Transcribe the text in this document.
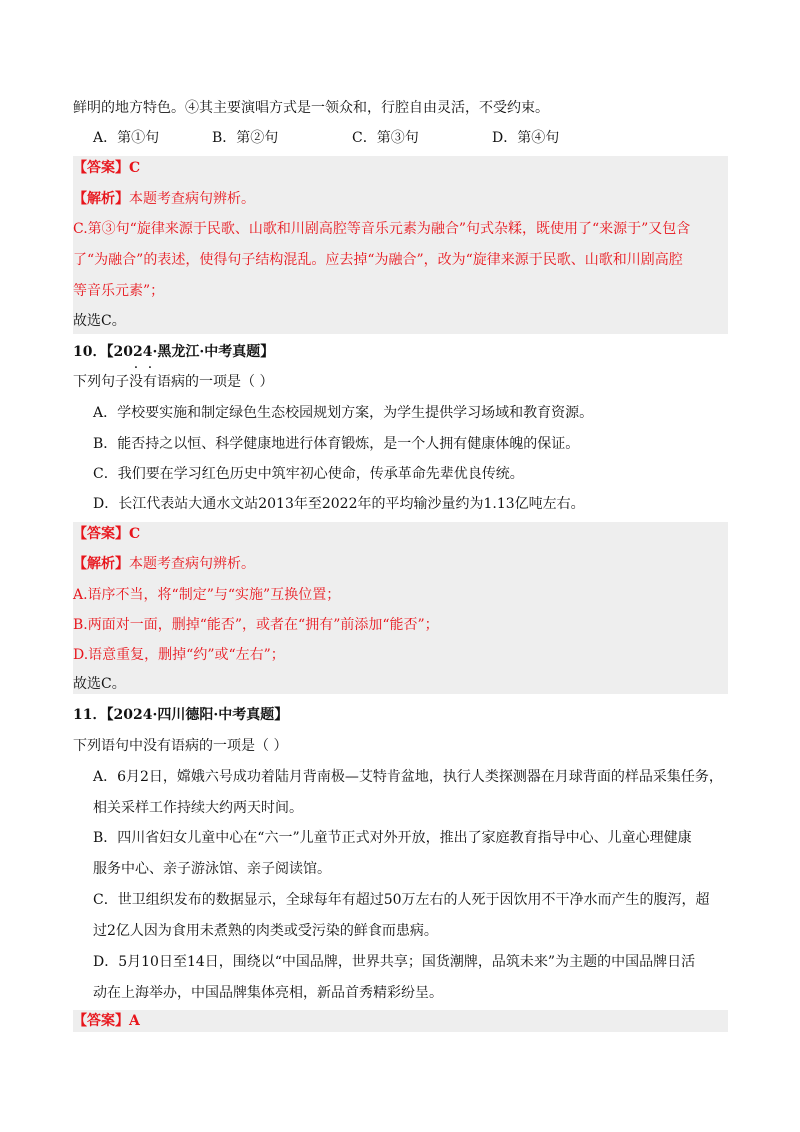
鲜明的地方特色。④其主要演唱方式是一领众和，行腔自由灵活，不受约束。
A．第①句	B．第②句	C．第③句	D．第④句
【答案】C
【解析】本题考查病句辨析。
C.第③句“旋律来源于民歌、山歌和川剧高腔等音乐元素为融合”句式杂糅，既使用了“来源于”又包含
了“为融合”的表述，使得句子结构混乱。应去掉“为融合”，改为“旋律来源于民歌、山歌和川剧高腔
等音乐元素”；
故选C。
10．【2024·黑龙江·中考真题】
下列句子没有语病的一项是（ ）
A．学校要实施和制定绿色生态校园规划方案，为学生提供学习场域和教育资源。
B．能否持之以恒、科学健康地进行体育锻炼，是一个人拥有健康体魄的保证。
C．我们要在学习红色历史中筑牢初心使命，传承革命先辈优良传统。
D．长江代表站大通水文站2013年至2022年的平均输沙量约为1.13亿吨左右。
【答案】C
【解析】本题考查病句辨析。
A.语序不当，将“制定”与“实施”互换位置；
B.两面对一面，删掉“能否”，或者在“拥有”前添加“能否”；
D.语意重复，删掉“约”或“左右”；
故选C。
11．【2024·四川德阳·中考真题】
下列语句中没有语病的一项是（ ）
A．6月2日，嫦娥六号成功着陆月背南极—艾特肯盆地，执行人类探测器在月球背面的样品采集任务，
相关采样工作持续大约两天时间。
B．四川省妇女儿童中心在“六一”儿童节正式对外开放，推出了家庭教育指导中心、儿童心理健康
服务中心、亲子游泳馆、亲子阅读馆。
C．世卫组织发布的数据显示，全球每年有超过50万左右的人死于因饮用不干净水而产生的腹泻，超
过2亿人因为食用未煮熟的肉类或受污染的鲜食而患病。
D．5月10日至14日，围绕以“中国品牌，世界共享；国货潮牌，品筑未来”为主题的中国品牌日活
动在上海举办，中国品牌集体亮相，新品首秀精彩纷呈。
【答案】A
